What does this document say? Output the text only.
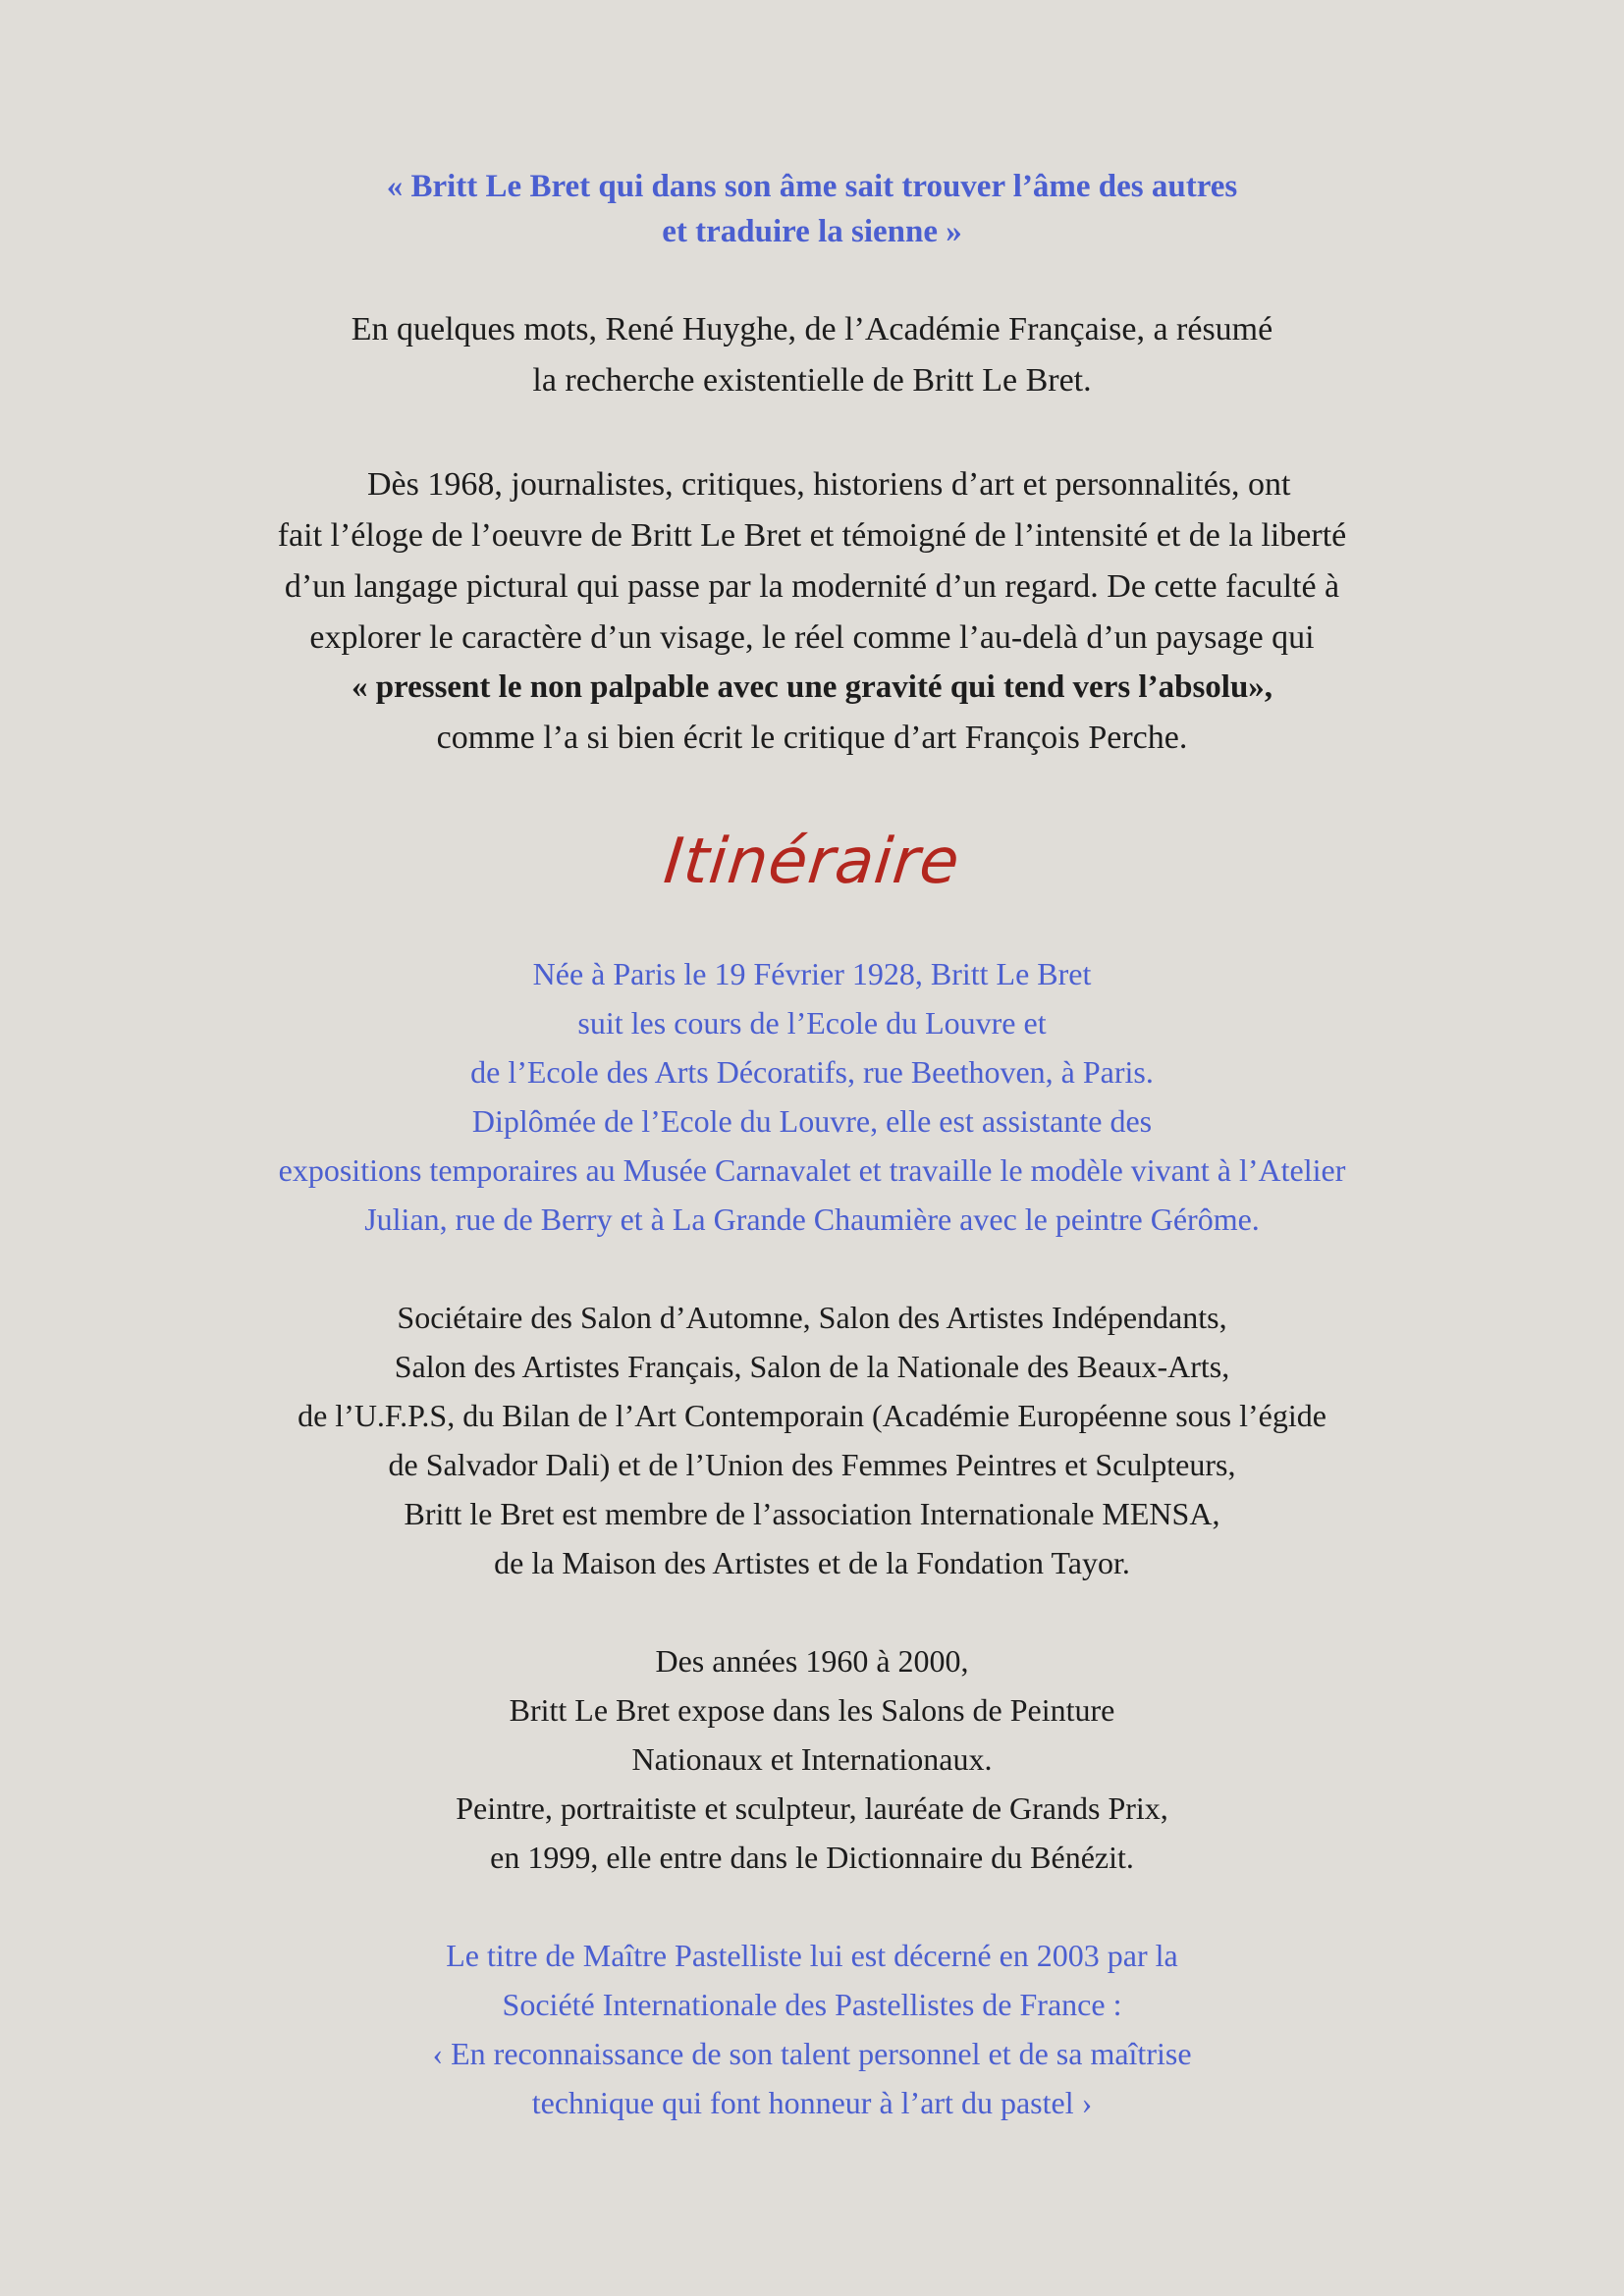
« Britt Le Bret qui dans son âme sait trouver l’âme des autres
et traduire la sienne »
En quelques mots, René Huyghe, de l’Académie Française, a résumé
la recherche existentielle de Britt Le Bret.
Dès 1968, journalistes, critiques, historiens d’art et personnalités, ont
fait l’éloge de l’oeuvre de Britt Le Bret et témoigné de l’intensité et de la liberté
d’un langage pictural qui passe par la modernité d’un regard. De cette faculté à
explorer le caractère d’un visage, le réel comme l’au-delà d’un paysage qui
« pressent le non palpable avec une gravité qui tend vers l’absolu»,
comme l’a si bien écrit le critique d’art François Perche.
Itinéraire
Née à Paris le 19 Février 1928, Britt Le Bret
suit les cours de l’Ecole du Louvre et
de l’Ecole des Arts Décoratifs, rue Beethoven, à Paris.
Diplômée de l’Ecole du Louvre, elle est assistante des
expositions temporaires au Musée Carnavalet et travaille le modèle vivant à l’Atelier
Julian, rue de Berry et à La Grande Chaumière avec le peintre Gérôme.
Sociétaire des Salon d’Automne, Salon des Artistes Indépendants,
Salon des Artistes Français, Salon de la Nationale des Beaux-Arts,
de l’U.F.P.S, du Bilan de l’Art Contemporain (Académie Européenne sous l’égide
de Salvador Dali) et de l’Union des Femmes Peintres et Sculpteurs,
Britt le Bret est membre de l’association Internationale MENSA,
de la Maison des Artistes et de la Fondation Tayor.
Des années 1960 à 2000,
Britt Le Bret expose dans les Salons de Peinture
Nationaux et Internationaux.
Peintre, portraitiste et sculpteur, lauréate de Grands Prix,
en 1999, elle entre dans le Dictionnaire du Bénézit.
Le titre de Maître Pastelliste lui est décerné en 2003 par la
Société Internationale des Pastellistes de France :
‹ En reconnaissance de son talent personnel et de sa maîtrise
technique qui font honneur à l’art du pastel ›
